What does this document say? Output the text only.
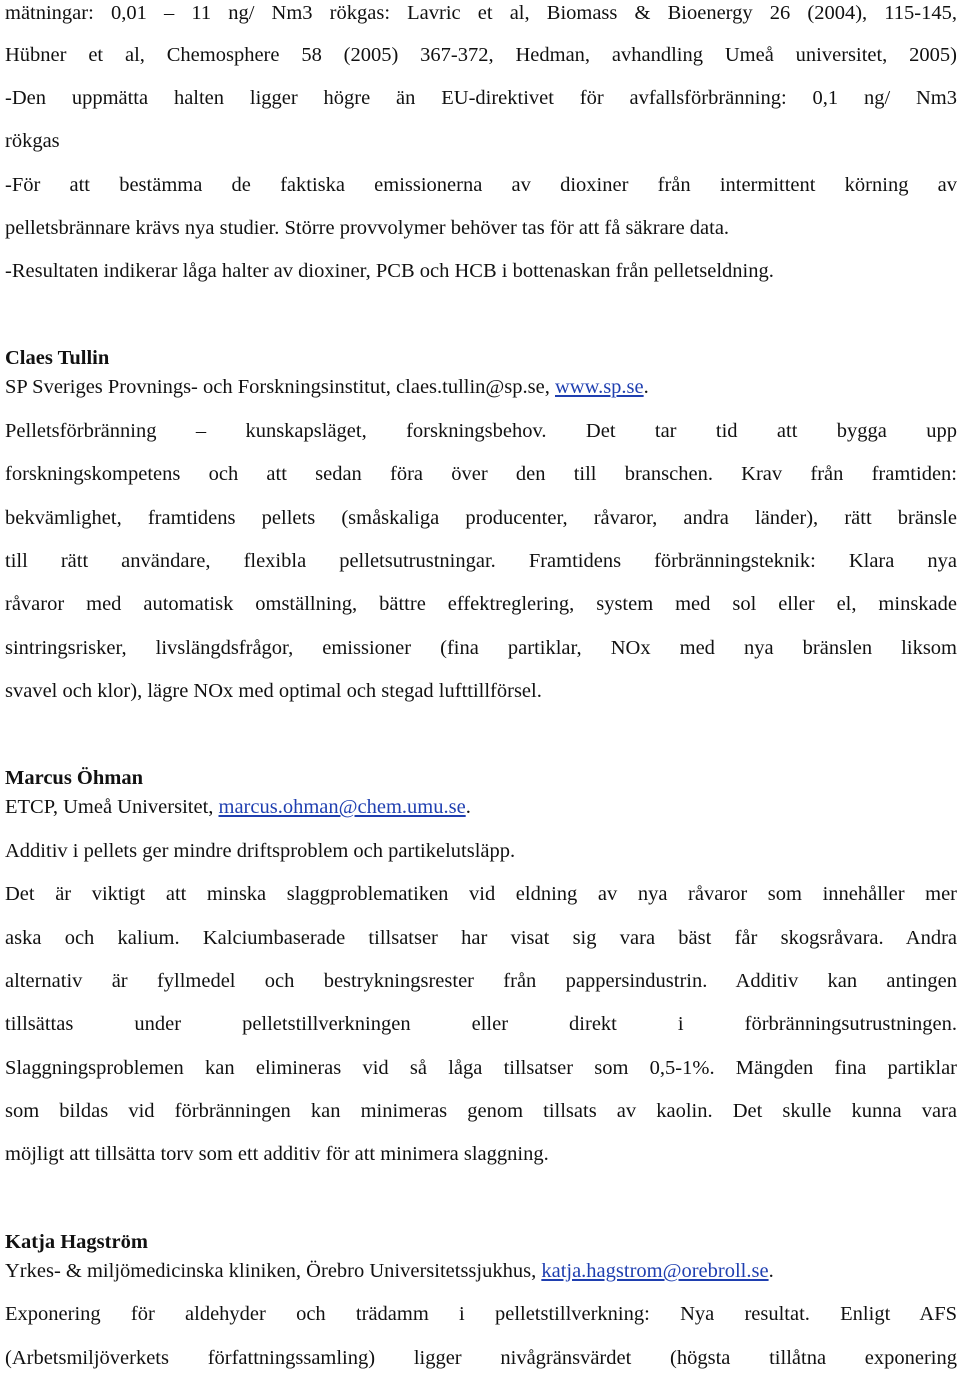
mätningar: 0,01 – 11 ng/ Nm3 rökgas: Lavric et al, Biomass & Bioenergy 26 (2004), 115-145,
Hübner et al, Chemosphere 58 (2005) 367-372, Hedman, avhandling Umeå universitet, 2005)
-Den uppmätta halten ligger högre än EU-direktivet för avfallsförbränning: 0,1 ng/ Nm3
rökgas
-För att bestämma de faktiska emissionerna av dioxiner från intermittent körning av
pelletsbrännare krävs nya studier. Större provvolymer behöver tas för att få säkrare data.
-Resultaten indikerar låga halter av dioxiner, PCB och HCB i bottenaskan från pelletseldning.
Claes Tullin
SP Sveriges Provnings- och Forskningsinstitut, claes.tullin@sp.se, www.sp.se.
Pelletsförbränning – kunskapsläget, forskningsbehov. Det tar tid att bygga upp
forskningskompetens och att sedan föra över den till branschen. Krav från framtiden:
bekvämlighet, framtidens pellets (småskaliga producenter, råvaror, andra länder), rätt bränsle
till rätt användare, flexibla pelletsutrustningar. Framtidens förbränningsteknik: Klara nya
råvaror med automatisk omställning, bättre effektreglering, system med sol eller el, minskade
sintringsrisker, livslängdsfrågor, emissioner (fina partiklar, NOx med nya bränslen liksom
svavel och klor), lägre NOx med optimal och stegad lufttillförsel.
Marcus Öhman
ETCP, Umeå Universitet, marcus.ohman@chem.umu.se.
Additiv i pellets ger mindre driftsproblem och partikelutsläpp.
Det är viktigt att minska slaggproblematiken vid eldning av nya råvaror som innehåller mer
aska och kalium. Kalciumbaserade tillsatser har visat sig vara bäst får skogsråvara. Andra
alternativ är fyllmedel och bestrykningsrester från pappersindustrin. Additiv kan antingen
tillsättas under pelletstillverkningen eller direkt i förbränningsutrustningen.
Slaggningsproblemen kan elimineras vid så låga tillsatser som 0,5-1%. Mängden fina partiklar
som bildas vid förbränningen kan minimeras genom tillsats av kaolin. Det skulle kunna vara
möjligt att tillsätta torv som ett additiv för att minimera slaggning.
Katja Hagström
Yrkes- & miljömedicinska kliniken, Örebro Universitetssjukhus, katja.hagstrom@orebroll.se.
Exponering för aldehyder och trädamm i pelletstillverkning: Nya resultat. Enligt AFS
(Arbetsmiljöverkets författningssamling) ligger nivågränsvärdet (högsta tillåtna exponering
